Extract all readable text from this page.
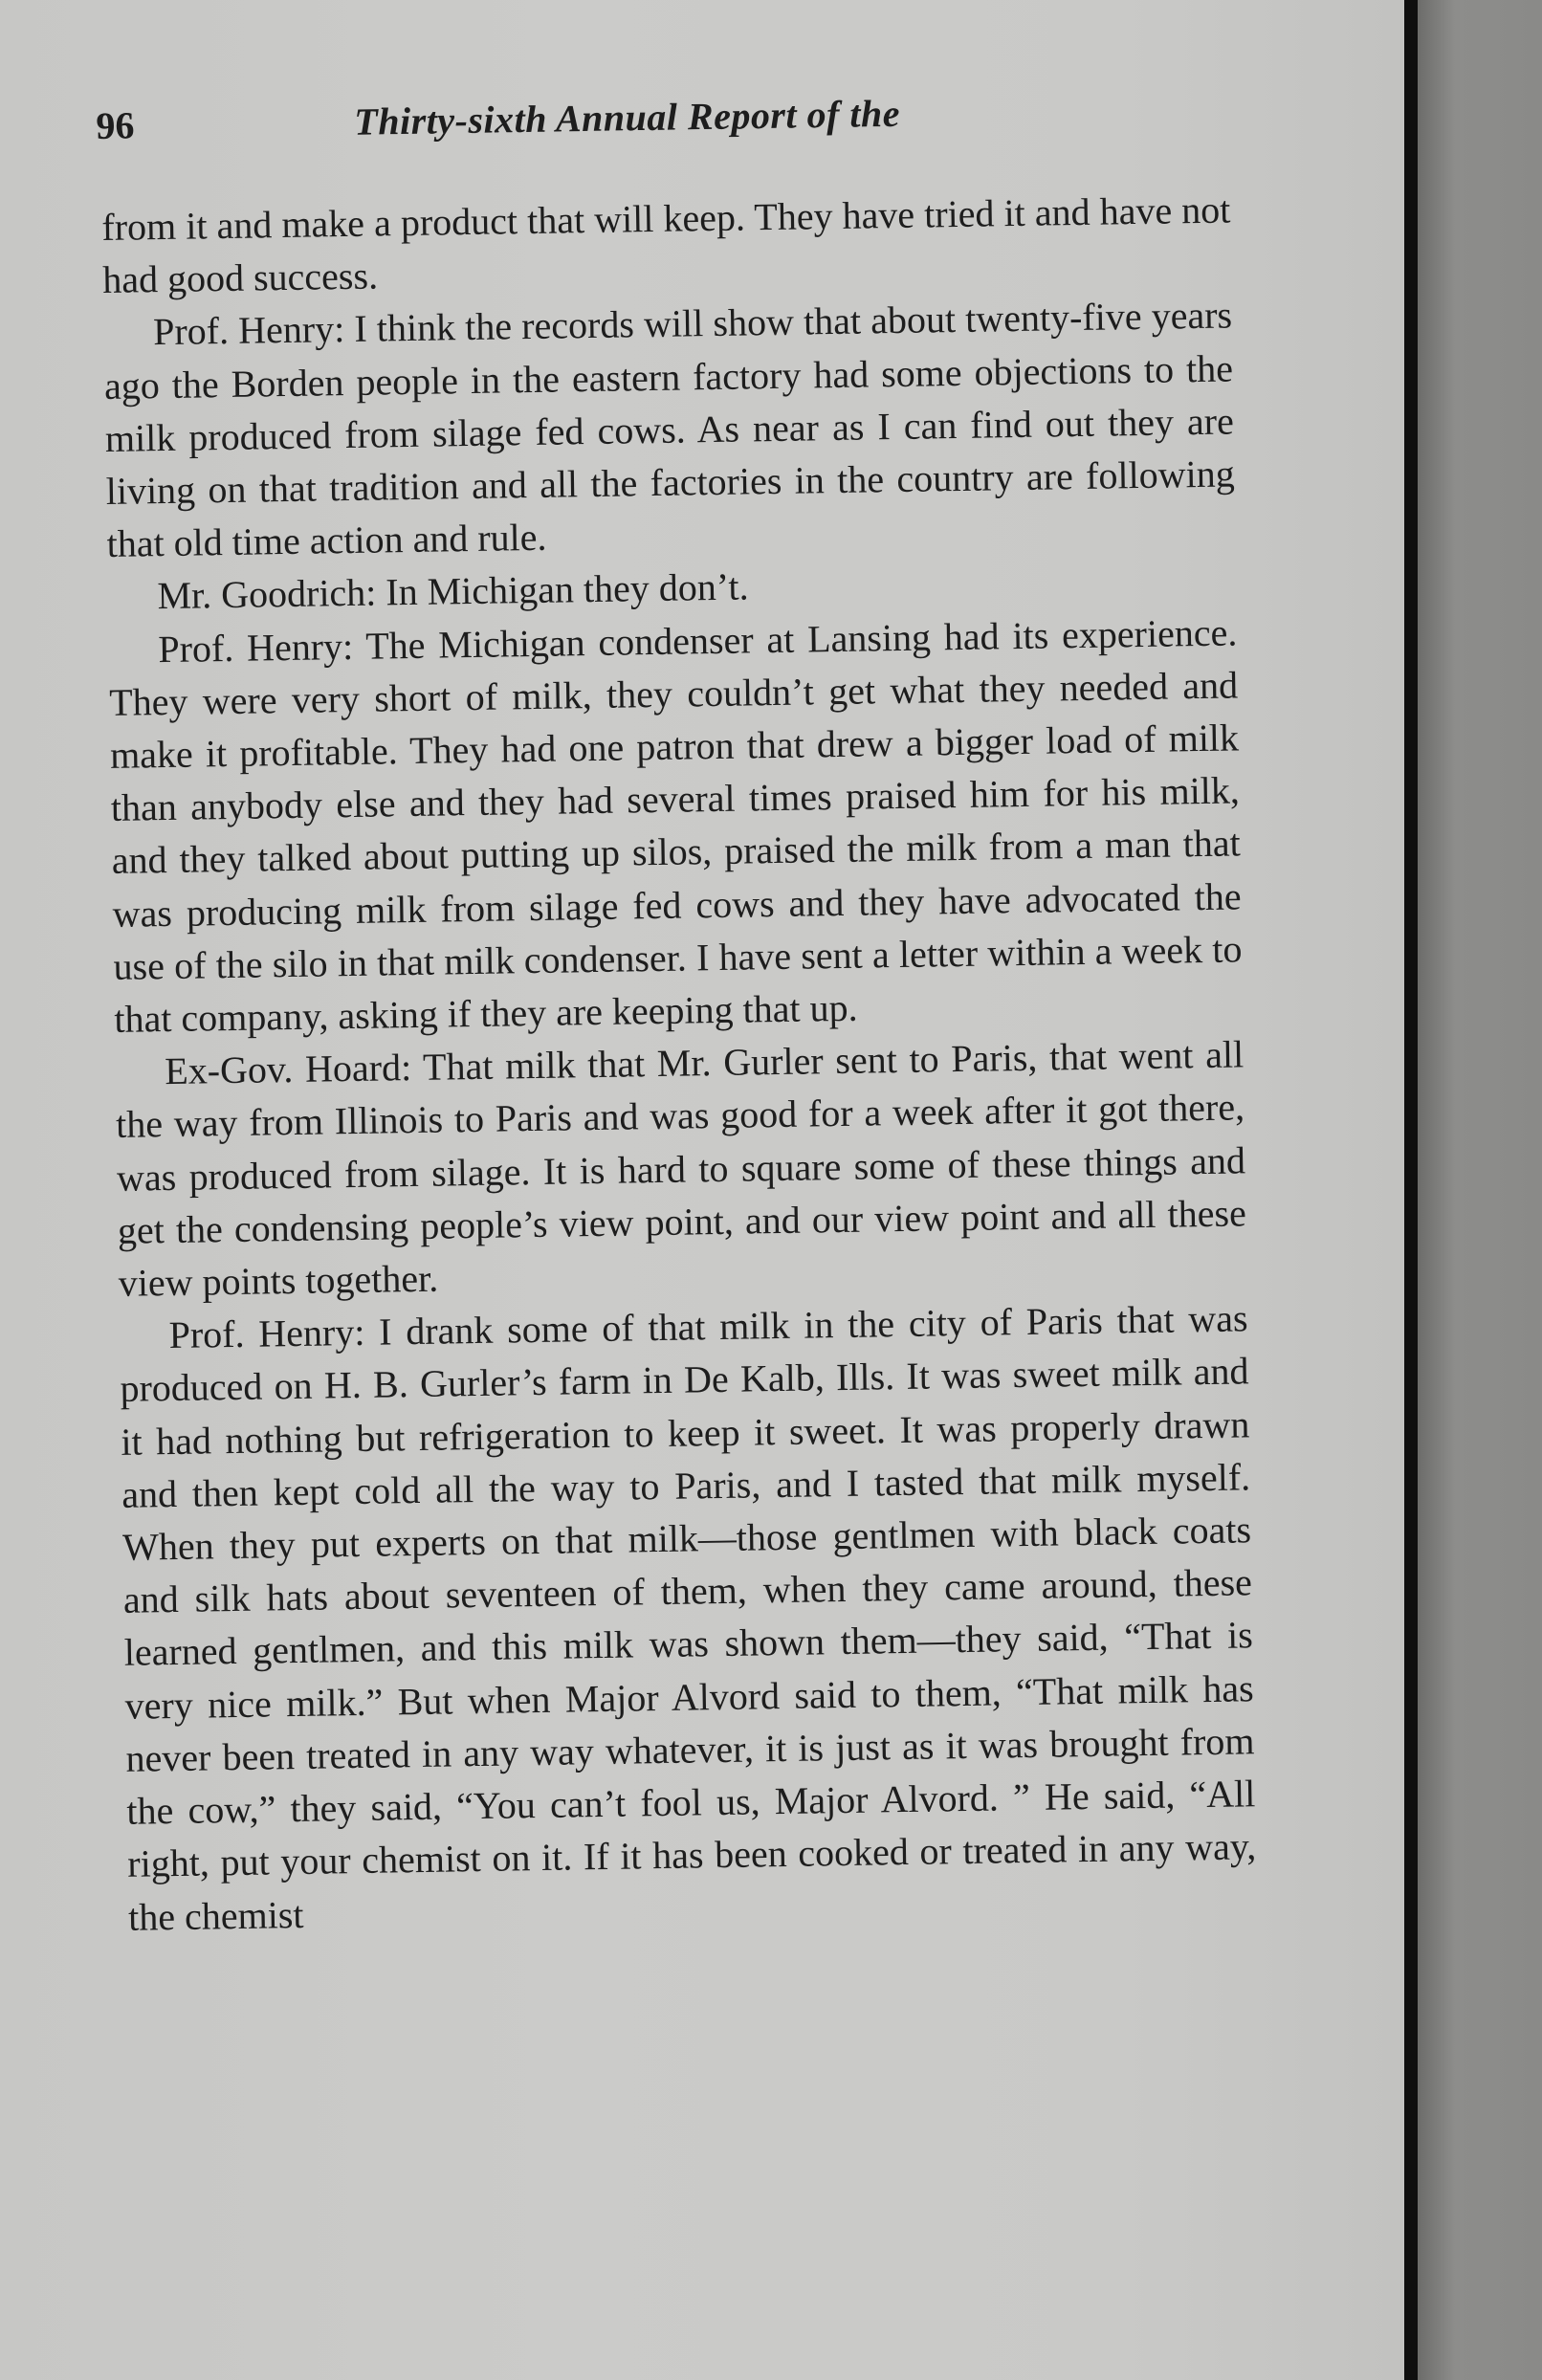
96	Thirty-sixth Annual Report of the

from it and make a product that will keep. They have tried it and have not had good success.

Prof. Henry: I think the records will show that about twenty-five years ago the Borden people in the eastern factory had some objections to the milk produced from silage fed cows. As near as I can find out they are living on that tradition and all the factories in the country are following that old time action and rule.

Mr. Goodrich: In Michigan they don’t.

Prof. Henry: The Michigan condenser at Lansing had its experience. They were very short of milk, they couldn’t get what they needed and make it profitable. They had one patron that drew a bigger load of milk than anybody else and they had several times praised him for his milk, and they talked about putting up silos, praised the milk from a man that was producing milk from silage fed cows and they have advocated the use of the silo in that milk condenser. I have sent a letter within a week to that company, asking if they are keeping that up.

Ex-Gov. Hoard: That milk that Mr. Gurler sent to Paris, that went all the way from Illinois to Paris and was good for a week after it got there, was produced from silage. It is hard to square some of these things and get the condensing people’s view point, and our view point and all these view points together.

Prof. Henry: I drank some of that milk in the city of Paris that was produced on H. B. Gurler’s farm in De Kalb, Ills. It was sweet milk and it had nothing but refrigeration to keep it sweet. It was properly drawn and then kept cold all the way to Paris, and I tasted that milk myself. When they put experts on that milk—those gentlmen with black coats and silk hats about seventeen of them, when they came around, these learned gentlmen, and this milk was shown them—they said, “That is very nice milk.” But when Major Alvord said to them, “That milk has never been treated in any way whatever, it is just as it was brought from the cow,” they said, “You can’t fool us, Major Alvord. ” He said, “All right, put your chemist on it. If it has been cooked or treated in any way, the chemist
